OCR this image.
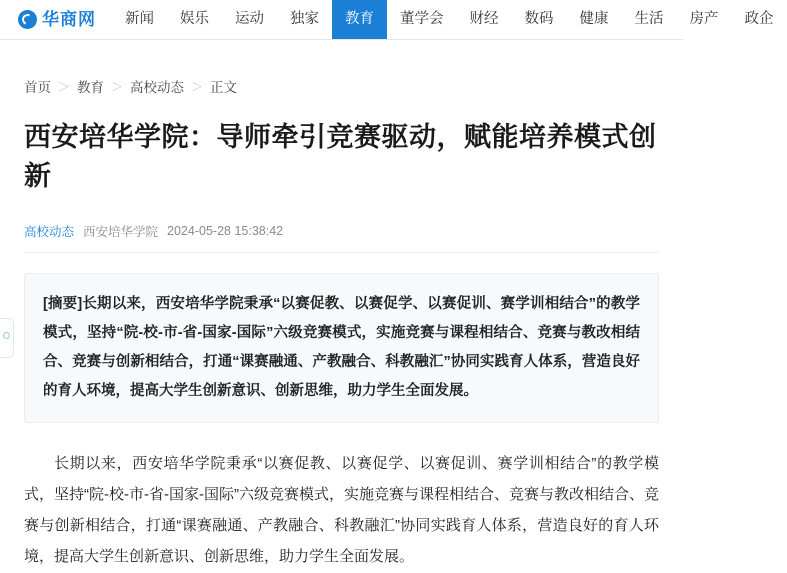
华商网	新闻	娱乐	运动	独家	教育	董学会	财经	数码	健康	生活	房产	政企
首页 ＞ 教育 ＞ 高校动态 ＞ 正文
西安培华学院：导师牵引竞赛驱动，赋能培养模式创新
高校动态 西安培华学院 2024-05-28 15:38:42
[摘要]长期以来，西安培华学院秉承“以赛促教、以赛促学、以赛促训、赛学训相结合”的教学模式，坚持“院-校-市-省-国家-国际”六级竞赛模式，实施竞赛与课程相结合、竞赛与教改相结合、竞赛与创新相结合，打通“课赛融通、产教融合、科教融汇”协同实践育人体系，营造良好的育人环境，提高大学生创新意识、创新思维，助力学生全面发展。

长期以来，西安培华学院秉承“以赛促教、以赛促学、以赛促训、赛学训相结合”的教学模式，坚持“院-校-市-省-国家-国际”六级竞赛模式，实施竞赛与课程相结合、竞赛与教改相结合、竞赛与创新相结合，打通“课赛融通、产教融合、科教融汇”协同实践育人体系，营造良好的育人环境，提高大学生创新意识、创新思维，助力学生全面发展。
